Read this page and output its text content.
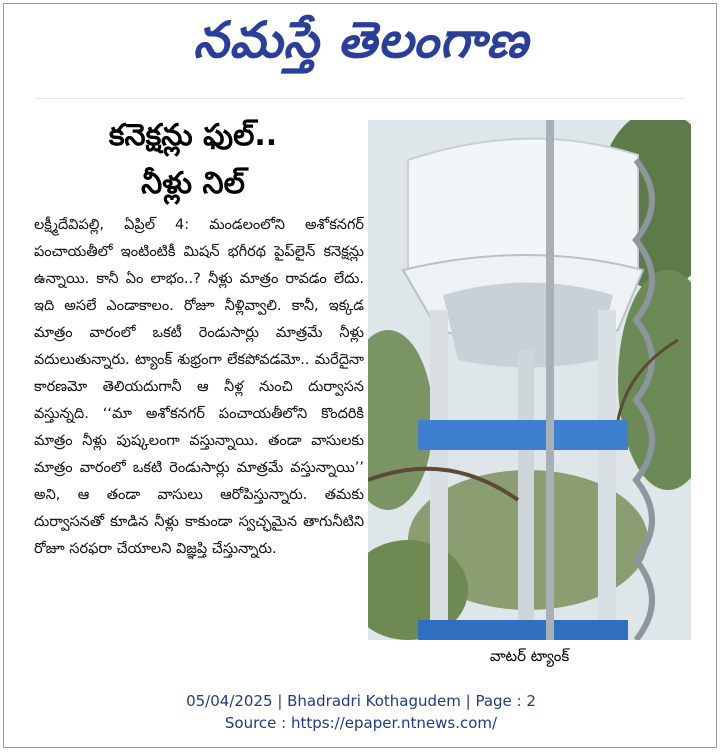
నమస్తే తెలంగాణ
కనెక్షన్లు ఫుల్..
నీళ్లు నిల్

లక్ష్మీదేవిపల్లి, ఏప్రిల్ 4: మండలంలోని అశోకనగర్ పంచాయతీలో ఇంటింటికీ మిషన్ భగీరథ పైప్‌లైన్ కనెక్షన్లు ఉన్నాయి. కానీ ఏం లాభం..? నీళ్లు మాత్రం రావడం లేదు. ఇది అసలే ఎండాకాలం. రోజూ నీళ్లివ్వాలి. కానీ, ఇక్కడ మాత్రం వారంలో ఒకటీ రెండుసార్లు మాత్రమే నీళ్లు వదులుతున్నారు. ట్యాంక్ శుభ్రంగా లేకపోవడమో.. మరేదైనా కారణమో తెలియదుగానీ ఆ నీళ్ల నుంచి దుర్వాసన వస్తున్నది. ‘‘మా అశోకనగర్ పంచాయతీలోని కొందరికి మాత్రం నీళ్లు పుష్కలంగా వస్తున్నాయి. తండా వాసులకు మాత్రం వారంలో ఒకటి రెండుసార్లు మాత్రమే వస్తున్నాయి’’ అని, ఆ తండా వాసులు ఆరోపిస్తున్నారు. తమకు దుర్వాసనతో కూడిన నీళ్లు కాకుండా స్వచ్ఛమైన తాగునీటిని రోజూ సరఫరా చేయాలని విజ్ఞప్తి చేస్తున్నారు.

వాటర్ ట్యాంక్
05/04/2025 | Bhadradri Kothagudem | Page : 2
Source : https://epaper.ntnews.com/
